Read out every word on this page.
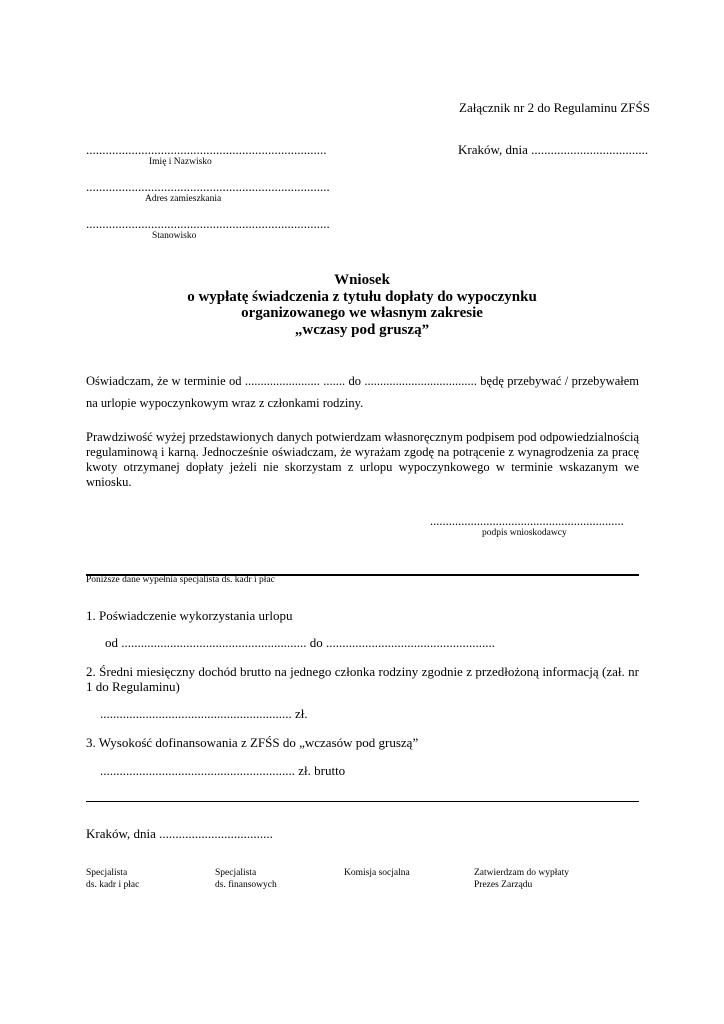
Załącznik nr 2 do Regulaminu ZFŚS
..........................................................................
Imię i Nazwisko
Kraków, dnia ....................................
...........................................................................
Adres zamieszkania
...........................................................................
Stanowisko
Wniosek
o wypłatę świadczenia z tytułu dopłaty do wypoczynku
organizowanego we własnym zakresie
„wczasy pod gruszą”
Oświadczam, że w terminie od ........................ ....... do .................................... będę przebywać / przebywałem
na urlopie wypoczynkowym wraz z członkami rodziny.
Prawdziwość wyżej przedstawionych danych potwierdzam własnoręcznym podpisem pod odpowiedzialnością regulaminową i karną. Jednocześnie oświadczam, że wyrażam zgodę na potrącenie z wynagrodzenia za pracę kwoty otrzymanej dopłaty jeżeli nie skorzystam z urlopu wypoczynkowego w terminie wskazanym we wniosku.
..............................................................
podpis wnioskodawcy
Poniższe dane wypełnia specjalista ds. kadr i płac
1. Poświadczenie wykorzystania urlopu
od ......................................................... do ....................................................
2. Średni miesięczny dochód brutto na jednego członka rodziny zgodnie z przedłożoną informacją (zał. nr 1 do Regulaminu)
........................................................... zł.
3. Wysokość dofinansowania z ZFŚS do „wczasów pod gruszą”
............................................................ zł. brutto
Kraków, dnia ...................................
Specjalista
ds. kadr i płac
Specjalista
ds. finansowych
Komisja socjalna	Zatwierdzam do wypłaty
Prezes Zarządu
